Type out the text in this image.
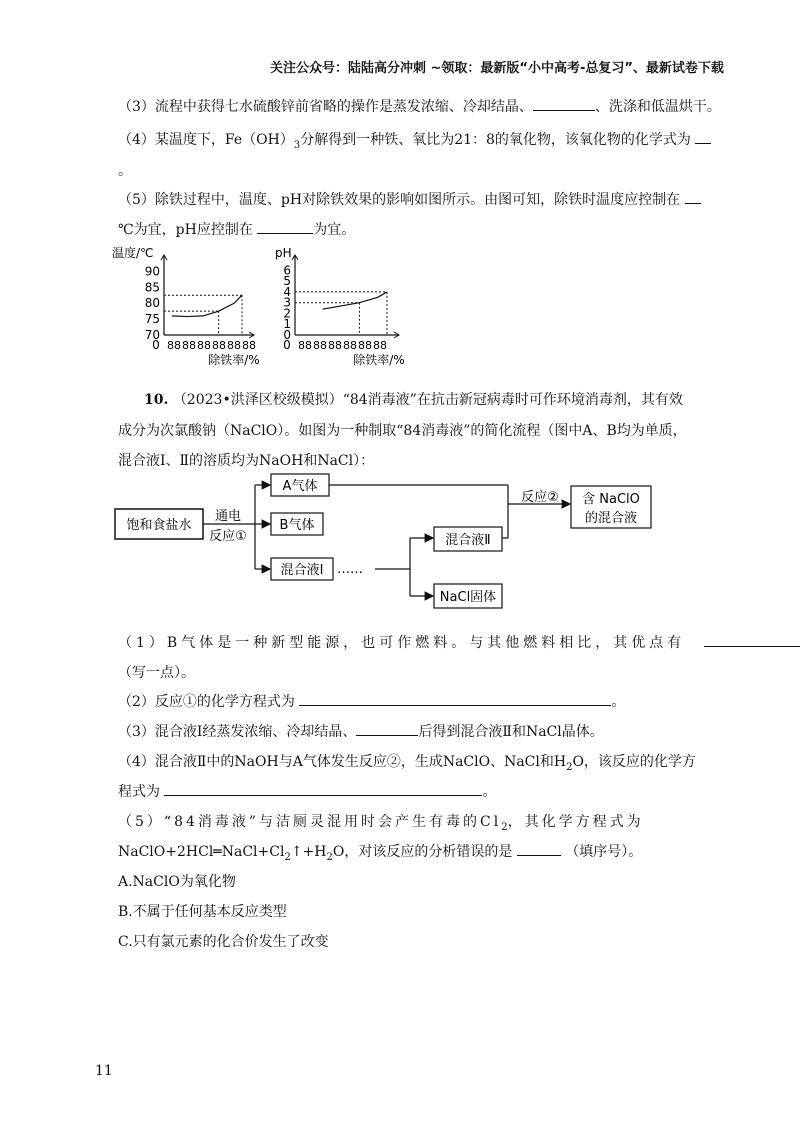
关注公众号：陆陆高分冲刺 ~领取：最新版“小中高考-总复习”、最新试卷下载
（3）流程中获得七水硫酸锌前省略的操作是蒸发浓缩、冷却结晶、	、洗涤和低温烘干。
（4）某温度下，$Fe(OH)_3$分解得到一种铁、氧比为21：8的氧化物，该氧化物的化学式为
。
（5）除铁过程中，温度、pH对除铁效果的影响如图所示。由图可知，除铁时温度应控制在
℃为宜，pH应控制在	为宜。
温度/℃
90
85
80
75
70
0 88 88 88 88 88 88
除铁率/%
pH
6
5
4
3
2
1
0
0 88 88 88 88 88 88
除铁率/%
10. （2023•洪泽区校级模拟）“84消毒液”在抗击新冠病毒时可作环境消毒剂，其有效
成分为次氯酸钠（NaClO）。如图为一种制取“84消毒液”的简化流程（图中A、B均为单质，
混合液Ⅰ、Ⅱ的溶质均为NaOH和NaCl）：
饱和食盐水
通电
反应①
A气体
B气体
混合液Ⅰ ……
混合液Ⅱ
NaCl固体
反应② 含 NaClO
的混合液
（1）B气体是一种新型能源，也可作燃料。与其他燃料相比，其优点有
（写一点）。
（2）反应①的化学方程式为	。
（3）混合液Ⅰ经蒸发浓缩、冷却结晶、	后得到混合液Ⅱ和NaCl晶体。
（4）混合液Ⅱ中的NaOH与A气体发生反应②，生成NaClO、NaCl和$H_2O$，该反应的化学方
程式为	。
（5）“84消毒液”与洁厕灵混用时会产生有毒的$Cl_2$，其化学方程式为
$NaClO+2HCl═NaCl+Cl_2↑+H_2O$，对该反应的分析错误的是	（填序号）。
A.NaClO为氧化物
B.不属于任何基本反应类型
C.只有氯元素的化合价发生了改变
11
